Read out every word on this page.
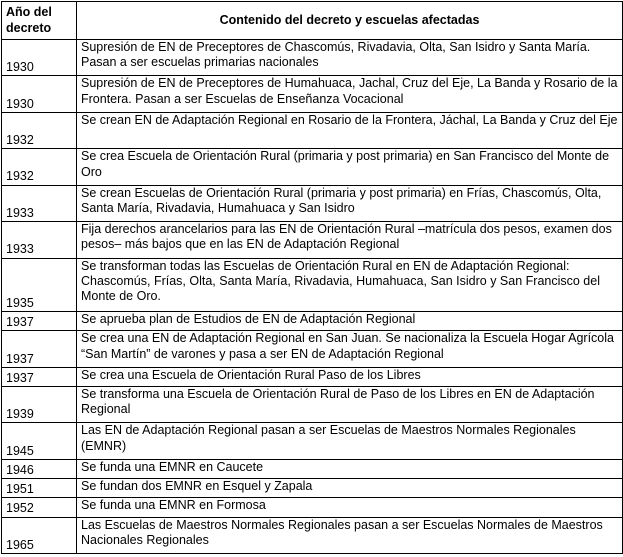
Año del decreto	Contenido del decreto y escuelas afectadas
1930	Supresión de EN de Preceptores de Chascomús, Rivadavia, Olta, San Isidro y Santa María. Pasan a ser escuelas primarias nacionales
1930	Supresión de EN de Preceptores de Humahuaca, Jachal, Cruz del Eje, La Banda y Rosario de la Frontera. Pasan a ser Escuelas de Enseñanza Vocacional
1932	Se crean EN de Adaptación Regional en Rosario de la Frontera, Jáchal, La Banda y Cruz del Eje
1932	Se crea Escuela de Orientación Rural (primaria y post primaria) en San Francisco del Monte de Oro
1933	Se crean Escuelas de Orientación Rural (primaria y post primaria) en Frías, Chascomús, Olta, Santa María, Rivadavia, Humahuaca y San Isidro
1933	Fija derechos arancelarios para las EN de Orientación Rural –matrícula dos pesos, examen dos pesos– más bajos que en las EN de Adaptación Regional
1935	Se transforman todas las Escuelas de Orientación Rural en EN de Adaptación Regional: Chascomús, Frías, Olta, Santa María, Rivadavia, Humahuaca, San Isidro y San Francisco del Monte de Oro.
1937	Se aprueba plan de Estudios de EN de Adaptación Regional
1937	Se crea una EN de Adaptación Regional en San Juan. Se nacionaliza la Escuela Hogar Agrícola “San Martín” de varones y pasa a ser EN de Adaptación Regional
1937	Se crea una Escuela de Orientación Rural Paso de los Libres
1939	Se transforma una Escuela de Orientación Rural de Paso de los Libres en EN de Adaptación Regional
1945	Las EN de Adaptación Regional pasan a ser Escuelas de Maestros Normales Regionales (EMNR)
1946	Se funda una EMNR en Caucete
1951	Se fundan dos EMNR en Esquel y Zapala
1952	Se funda una EMNR en Formosa
1965	Las Escuelas de Maestros Normales Regionales pasan a ser Escuelas Normales de Maestros Nacionales Regionales
